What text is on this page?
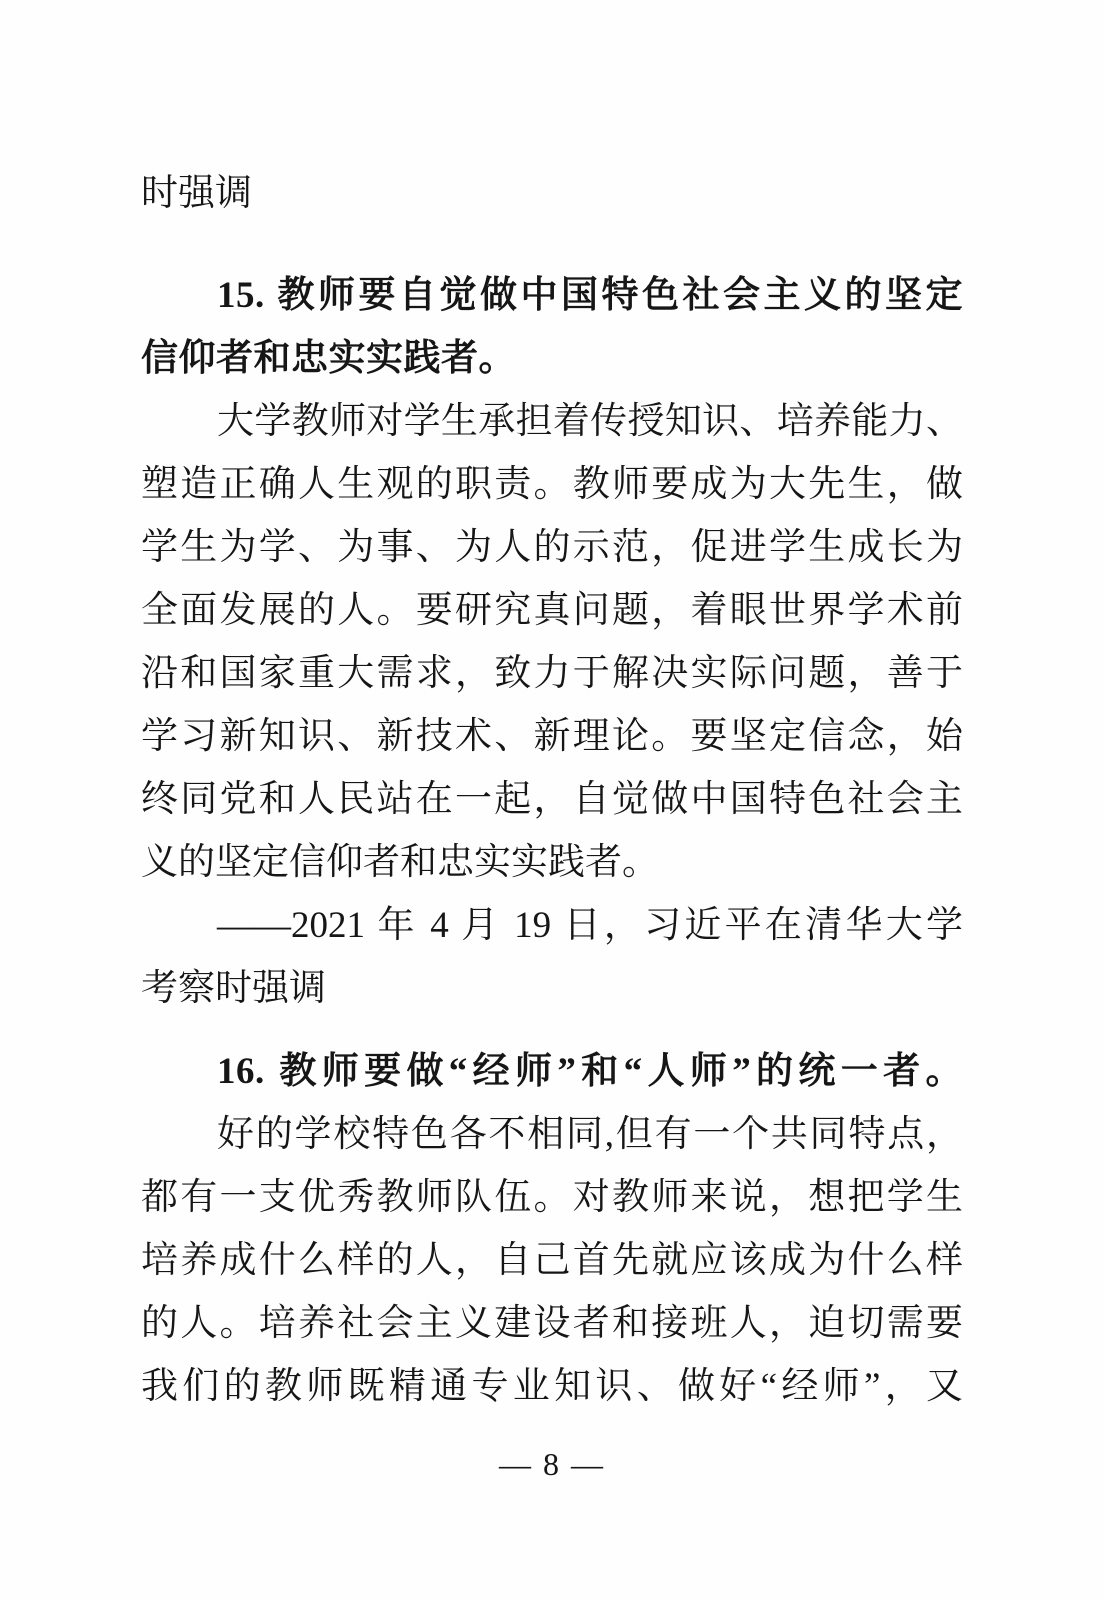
时强调
15. 教师要自觉做中国特色社会主义的坚定
信仰者和忠实实践者。
大学教师对学生承担着传授知识、培养能力、
塑造正确人生观的职责。教师要成为大先生，做
学生为学、为事、为人的示范，促进学生成长为
全面发展的人。要研究真问题，着眼世界学术前
沿和国家重大需求，致力于解决实际问题，善于
学习新知识、新技术、新理论。要坚定信念，始
终同党和人民站在一起，自觉做中国特色社会主
义的坚定信仰者和忠实实践者。
——2021 年 4 月 19 日，习近平在清华大学
考察时强调
16. 教师要做“经师”和“人师”的统一者。
好的学校特色各不相同,但有一个共同特点，
都有一支优秀教师队伍。对教师来说，想把学生
培养成什么样的人，自己首先就应该成为什么样
的人。培养社会主义建设者和接班人，迫切需要
我们的教师既精通专业知识、做好“经师”，又
— 8 —
